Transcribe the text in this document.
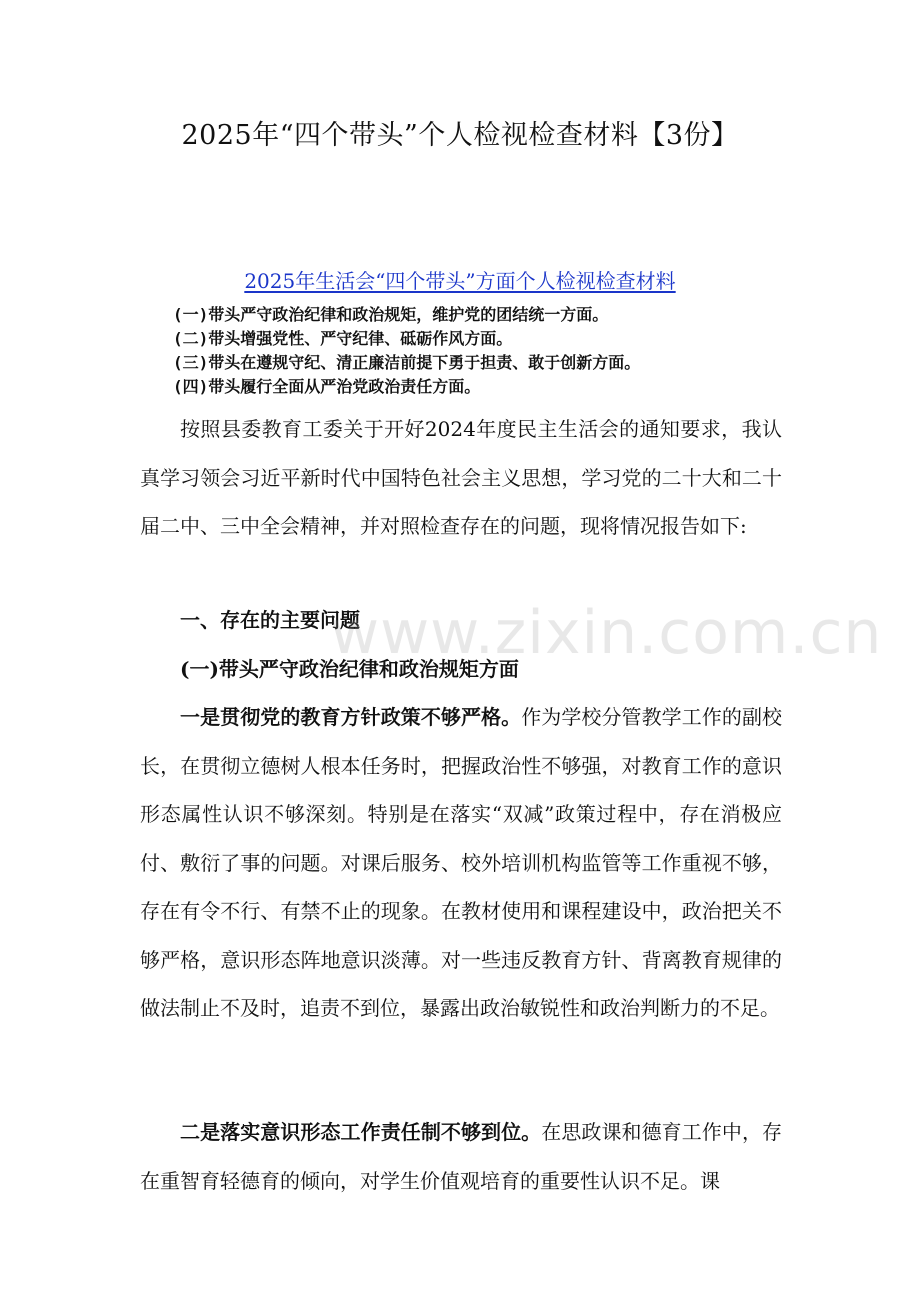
2025年“四个带头”个人检视检查材料【3份】
2025年生活会“四个带头”方面个人检视检查材料
(一)带头严守政治纪律和政治规矩，维护党的团结统一方面。
(二)带头增强党性、严守纪律、砥砺作风方面。
(三)带头在遵规守纪、清正廉洁前提下勇于担责、敢于创新方面。
(四)带头履行全面从严治党政治责任方面。
按照县委教育工委关于开好2024年度民主生活会的通知要求，我认真学习领会习近平新时代中国特色社会主义思想，学习党的二十大和二十届二中、三中全会精神，并对照检查存在的问题，现将情况报告如下:
一、存在的主要问题
(一)带头严守政治纪律和政治规矩方面
一是贯彻党的教育方针政策不够严格。作为学校分管教学工作的副校长，在贯彻立德树人根本任务时，把握政治性不够强，对教育工作的意识形态属性认识不够深刻。特别是在落实“双减”政策过程中，存在消极应付、敷衍了事的问题。对课后服务、校外培训机构监管等工作重视不够，存在有令不行、有禁不止的现象。在教材使用和课程建设中，政治把关不够严格，意识形态阵地意识淡薄。对一些违反教育方针、背离教育规律的做法制止不及时，追责不到位，暴露出政治敏锐性和政治判断力的不足。
二是落实意识形态工作责任制不够到位。在思政课和德育工作中，存在重智育轻德育的倾向，对学生价值观培育的重要性认识不足。课
www.zixin.com.cn
